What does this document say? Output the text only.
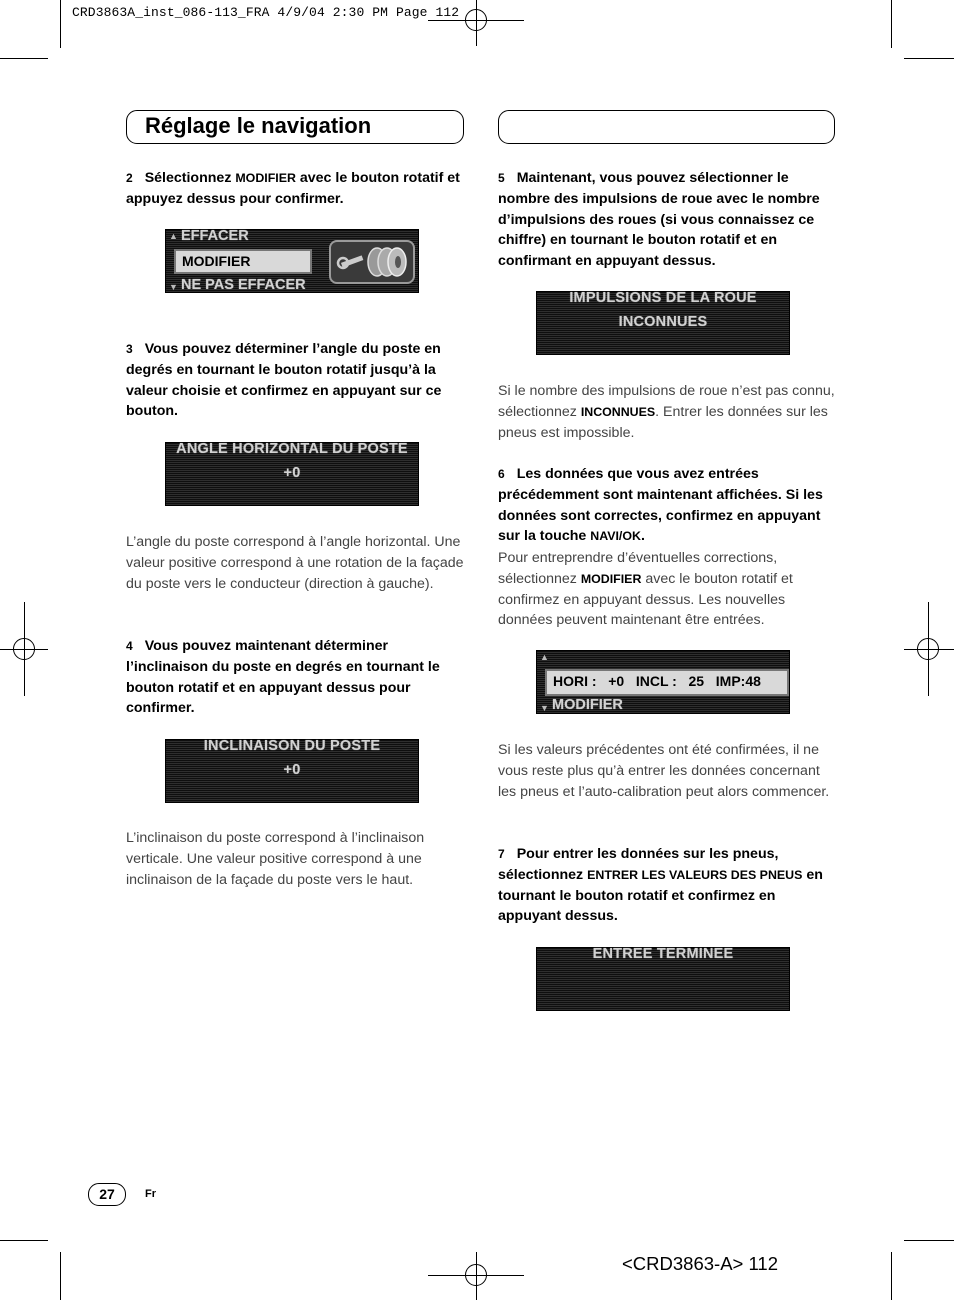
CRD3863A_inst_086-113_FRA 4/9/04 2:30 PM Page 112
Réglage le navigation
2 Sélectionnez MODIFIER avec le bouton rotatif et appuyez dessus pour confirmer.
▲ EFFACER
MODIFIER
▼ NE PAS EFFACER
3 Vous pouvez déterminer l’angle du poste en degrés en tournant le bouton rotatif jusqu’à la valeur choisie et confirmez en appuyant sur ce bouton.
ANGLE HORIZONTAL DU POSTE
+0
L’angle du poste correspond à l’angle horizontal. Une valeur positive correspond à une rotation de la façade du poste vers le conducteur (direction à gauche).
4 Vous pouvez maintenant déterminer l’inclinaison du poste en degrés en tournant le bouton rotatif et en appuyant dessus pour confirmer.
INCLINAISON DU POSTE
+0
L’inclinaison du poste correspond à l’inclinaison verticale. Une valeur positive correspond à une inclinaison de la façade du poste vers le haut.
5 Maintenant, vous pouvez sélectionner le nombre des impulsions de roue avec le nombre d’impulsions des roues (si vous connaissez ce chiffre) en tournant le bouton rotatif et en confirmant en appuyant dessus.
IMPULSIONS DE LA ROUE
INCONNUES
Si le nombre des impulsions de roue n’est pas connu, sélectionnez INCONNUES. Entrer les données sur les pneus est impossible.
6 Les données que vous avez entrées précédemment sont maintenant affichées. Si les données sont correctes, confirmez en appuyant sur la touche NAVI/OK.
Pour entreprendre d’éventuelles corrections, sélectionnez MODIFIER avec le bouton rotatif et confirmez en appuyant dessus. Les nouvelles données peuvent maintenant être entrées.
▲
HORI : +0 INCL : 25 IMP:48
▼ MODIFIER
Si les valeurs précédentes ont été confirmées, il ne vous reste plus qu’à entrer les données concernant les pneus et l’auto-calibration peut alors commencer.
7 Pour entrer les données sur les pneus, sélectionnez ENTRER LES VALEURS DES PNEUS en tournant le bouton rotatif et confirmez en appuyant dessus.
ENTREE TERMINEE
27	Fr
<CRD3863-A> 112
